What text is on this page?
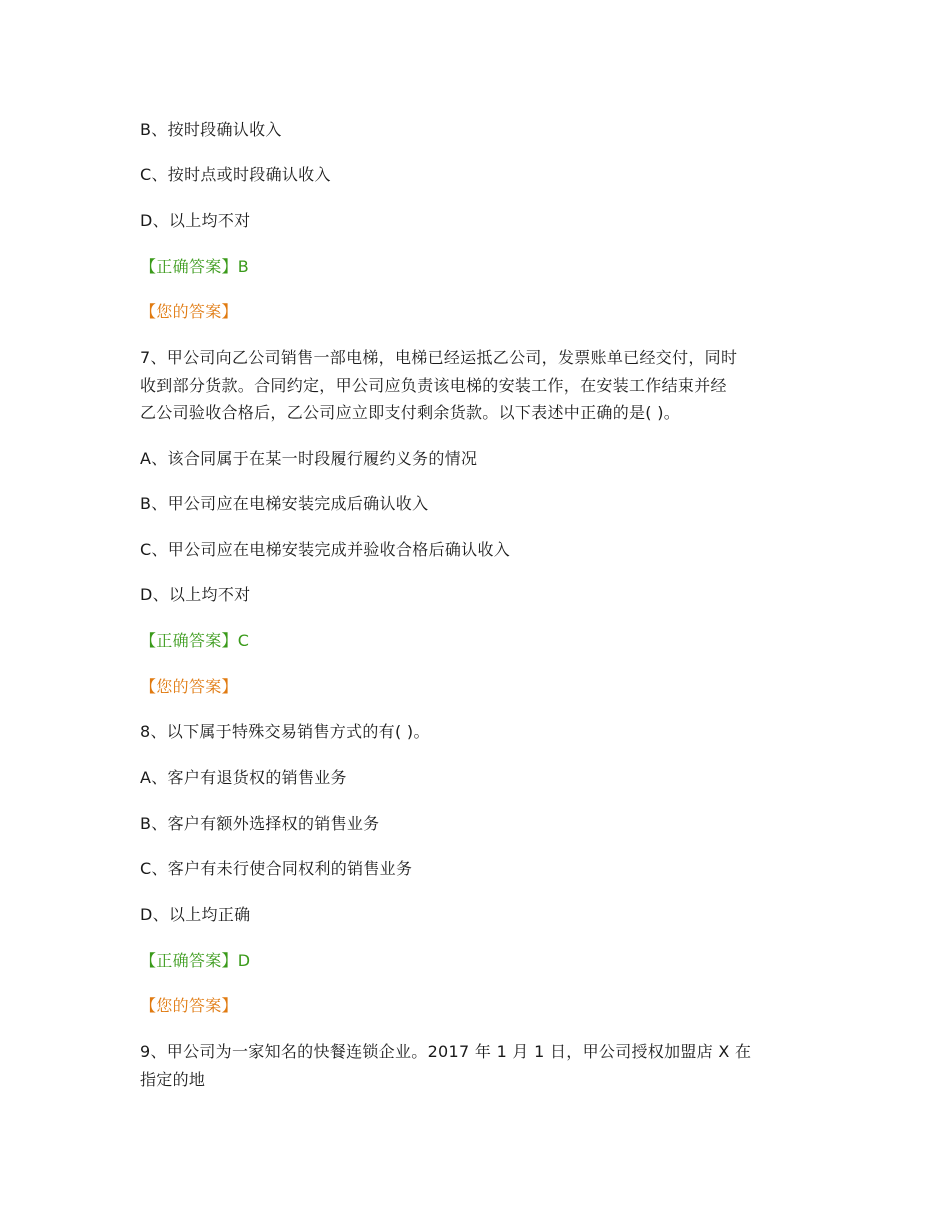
B、按时段确认收入
C、按时点或时段确认收入
D、以上均不对
【正确答案】B
【您的答案】
7、甲公司向乙公司销售一部电梯，电梯已经运抵乙公司，发票账单已经交付，同时
收到部分货款。合同约定，甲公司应负责该电梯的安装工作，在安装工作结束并经
乙公司验收合格后，乙公司应立即支付剩余货款。以下表述中正确的是( )。
A、该合同属于在某一时段履行履约义务的情况
B、甲公司应在电梯安装完成后确认收入
C、甲公司应在电梯安装完成并验收合格后确认收入
D、以上均不对
【正确答案】C
【您的答案】
8、以下属于特殊交易销售方式的有( )。
A、客户有退货权的销售业务
B、客户有额外选择权的销售业务
C、客户有未行使合同权利的销售业务
D、以上均正确
【正确答案】D
【您的答案】
9、甲公司为一家知名的快餐连锁企业。2017 年 1 月 1 日，甲公司授权加盟店 X 在
指定的地
